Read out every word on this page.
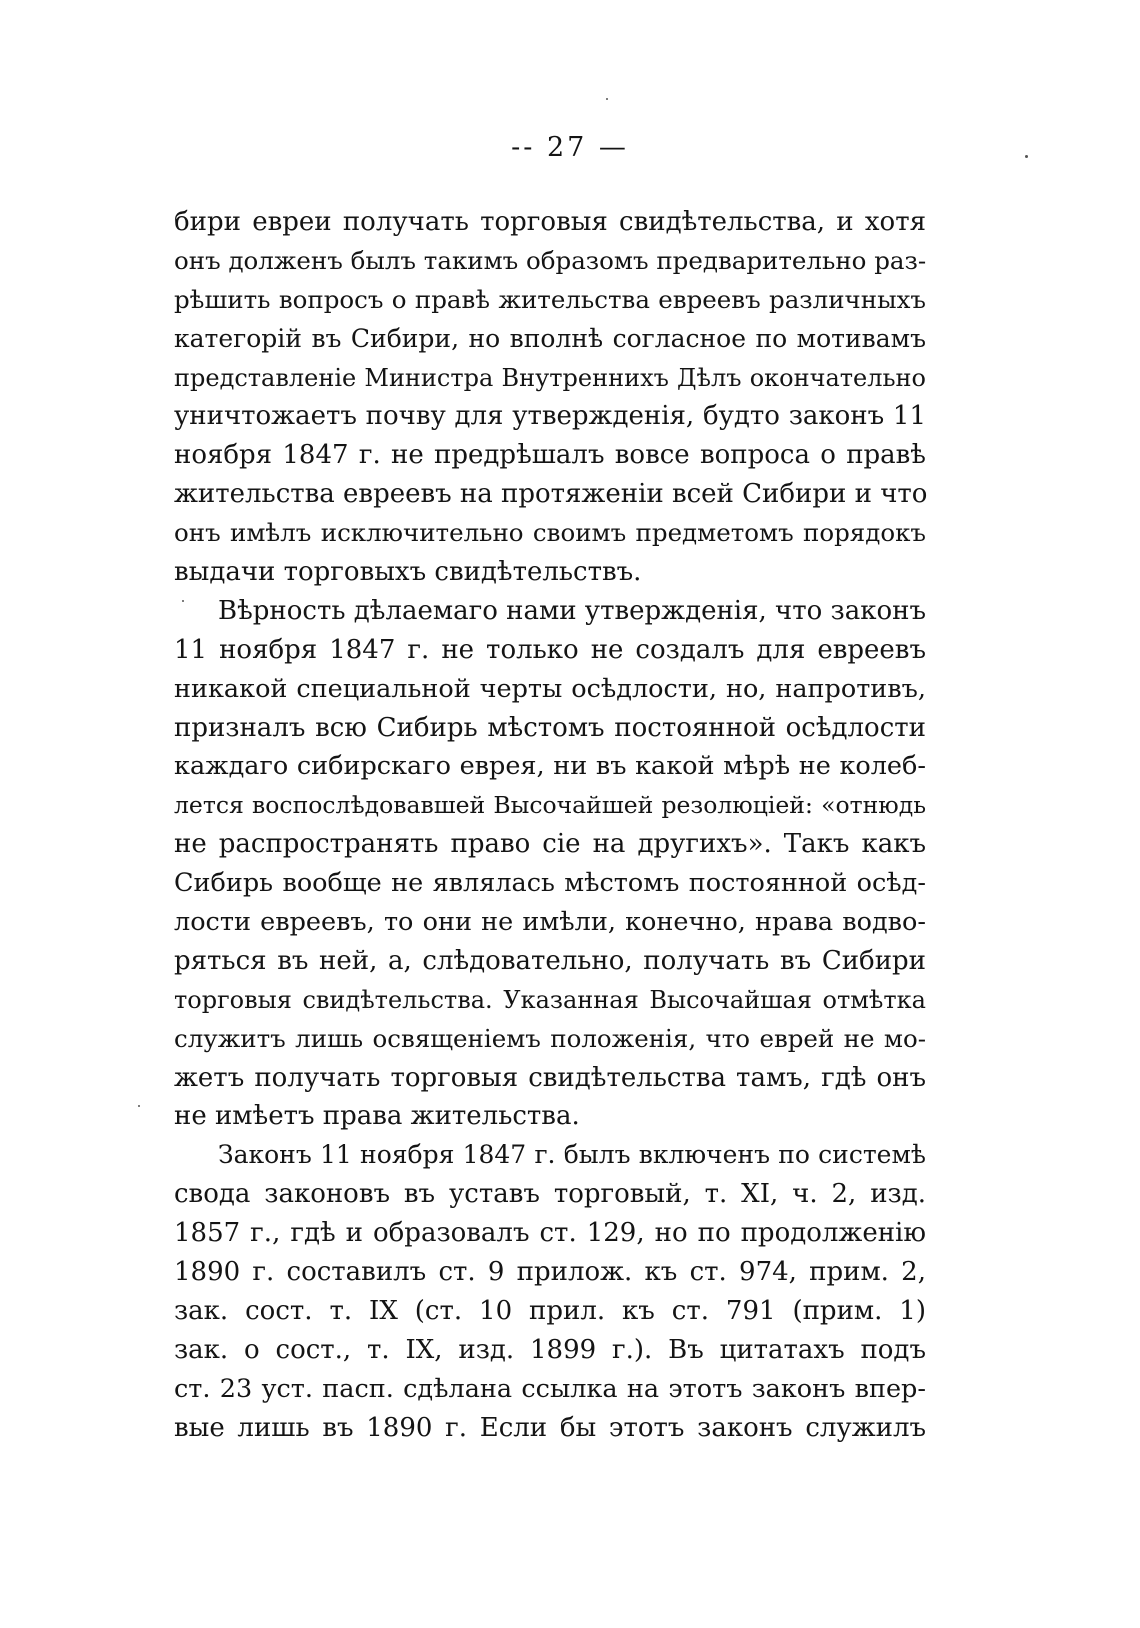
-- 27 —
бири евреи получать торговыя свидѣтельства, и хотя
онъ долженъ былъ такимъ образомъ предварительно раз-
рѣшить вопросъ о правѣ жительства евреевъ различныхъ
категорій въ Сибири, но вполнѣ согласное по мотивамъ
представленіе Министра Внутреннихъ Дѣлъ окончательно
уничтожаетъ почву для утвержденія, будто законъ 11
ноября 1847 г. не предрѣшалъ вовсе вопроса о правѣ
жительства евреевъ на протяженіи всей Сибири и что
онъ имѣлъ исключительно своимъ предметомъ порядокъ
выдачи торговыхъ свидѣтельствъ.
Вѣрность дѣлаемаго нами утвержденія, что законъ
11 ноября 1847 г. не только не создалъ для евреевъ
никакой специальной черты осѣдлости, но, напротивъ,
призналъ всю Сибирь мѣстомъ постоянной осѣдлости
каждаго сибирскаго еврея, ни въ какой мѣрѣ не колеб-
лется воспослѣдовавшей Высочайшей резолюціей: «отнюдь
не распространять право сіе на другихъ». Такъ какъ
Сибирь вообще не являлась мѣстомъ постоянной осѣд-
лости евреевъ, то они не имѣли, конечно, нрава водво-
ряться въ ней, а, слѣдовательно, получать въ Сибири
торговыя свидѣтельства. Указанная Высочайшая отмѣтка
служитъ лишь освященіемъ положенія, что еврей не мо-
жетъ получать торговыя свидѣтельства тамъ, гдѣ онъ
не имѣетъ права жительства.
Законъ 11 ноября 1847 г. былъ включенъ по системѣ
свода законовъ въ уставъ торговый, т. XI, ч. 2, изд.
1857 г., гдѣ и образовалъ ст. 129, но по продолженію
1890 г. составилъ ст. 9 прилож. къ ст. 974, прим. 2,
зак. сост. т. IX (ст. 10 прил. къ ст. 791 (прим. 1)
зак. о сост., т. IX, изд. 1899 г.). Въ цитатахъ подъ
ст. 23 уст. пасп. сдѣлана ссылка на этотъ законъ впер-
вые лишь въ 1890 г. Если бы этотъ законъ служилъ
